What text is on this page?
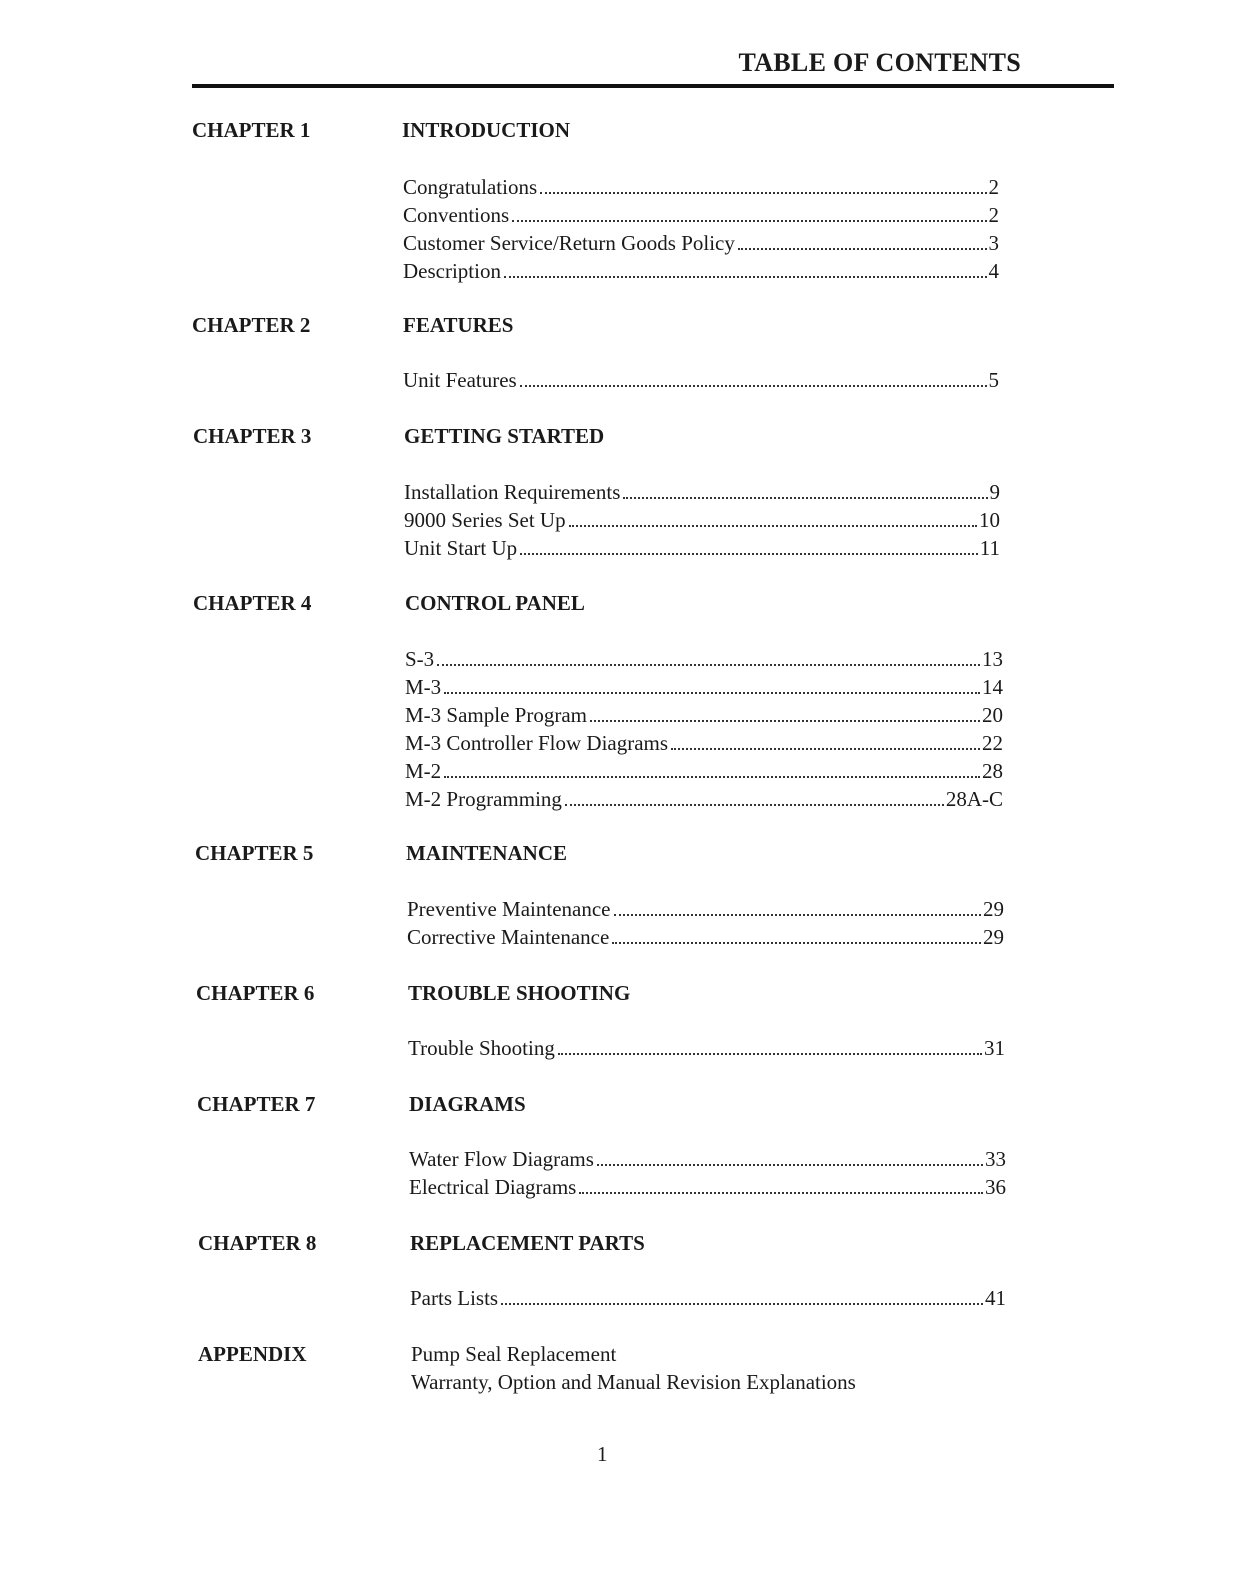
TABLE OF CONTENTS
CHAPTER 1	INTRODUCTION
Congratulations	2
Conventions	2
Customer Service/Return Goods Policy	3
Description	4
CHAPTER 2	FEATURES
Unit Features	5
CHAPTER 3	GETTING STARTED
Installation Requirements	9
9000 Series Set Up	10
Unit Start Up	11
CHAPTER 4	CONTROL PANEL
S-3	13
M-3	14
M-3 Sample Program	20
M-3 Controller Flow Diagrams	22
M-2	28
M-2 Programming	28A-C
CHAPTER 5	MAINTENANCE
Preventive Maintenance	29
Corrective Maintenance	29
CHAPTER 6	TROUBLE SHOOTING
Trouble Shooting	31
CHAPTER 7	DIAGRAMS
Water Flow Diagrams	33
Electrical Diagrams	36
CHAPTER 8	REPLACEMENT PARTS
Parts Lists	41
APPENDIX	Pump Seal Replacement
Warranty, Option and Manual Revision Explanations
1
